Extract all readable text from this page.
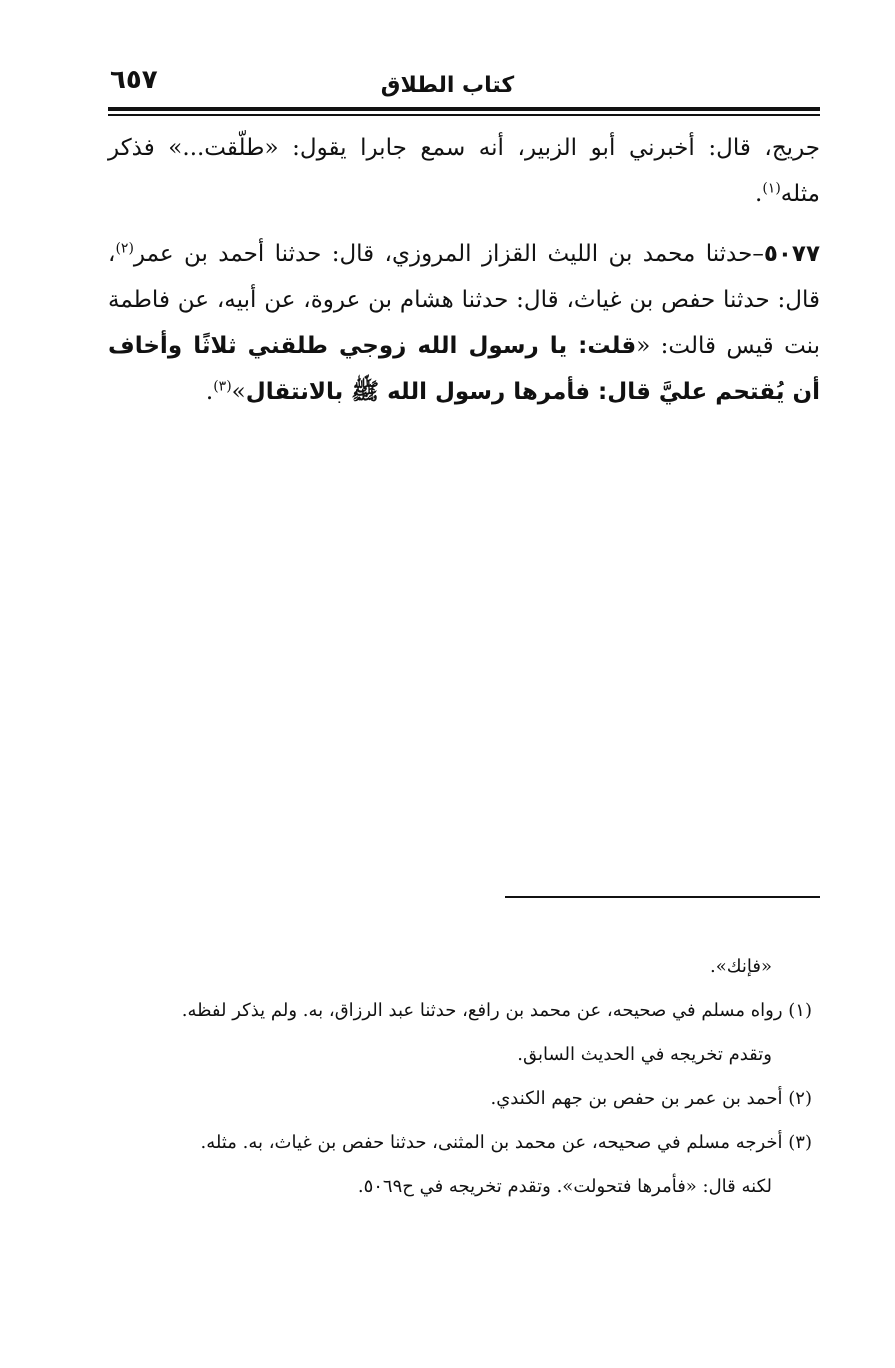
كتاب الطلاق
٦٥٧

جريج، قال: أخبرني أبو الزبير، أنه سمع جابرا يقول: «طلّقت...» فذكر مثله$^{(١)}$.

٥٠٧٧–حدثنا محمد بن الليث القزاز المروزي، قال: حدثنا أحمد بن عمر$^{(٢)}$، قال: حدثنا حفص بن غياث، قال: حدثنا هشام بن عروة، عن أبيه، عن فاطمة بنت قيس قالت: «قلت: يا رسول الله زوجي طلقني ثلاثًا وأخاف أن يُقتحم عليَّ قال: فأمرها رسول الله ﷺ بالانتقال»$^{(٣)}$.

«فإنك».

(١) رواه مسلم في صحيحه، عن محمد بن رافع، حدثنا عبد الرزاق، به. ولم يذكر لفظه.

وتقدم تخريجه في الحديث السابق.

(٢) أحمد بن عمر بن حفص بن جهم الكندي.

(٣) أخرجه مسلم في صحيحه، عن محمد بن المثنى، حدثنا حفص بن غياث، به. مثله.

لكنه قال: «فأمرها فتحولت». وتقدم تخريجه في ح٥٠٦٩.
